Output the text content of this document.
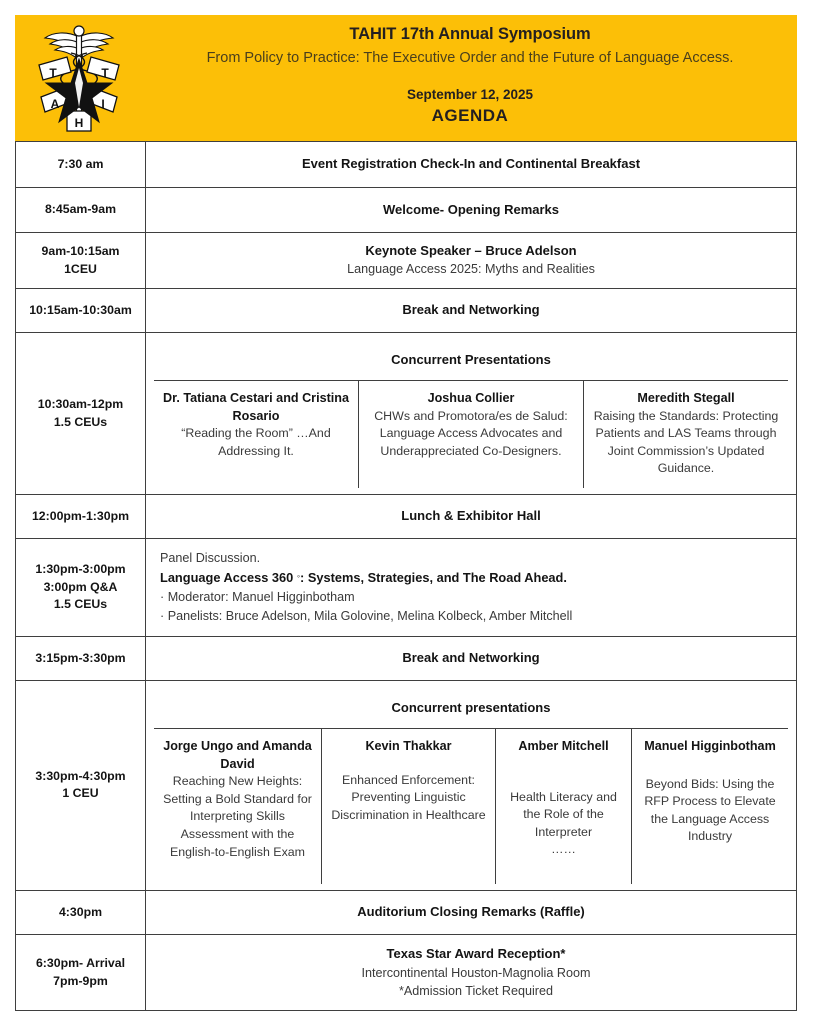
T	T
A	I
H
TAHIT 17th Annual Symposium
From Policy to Practice: The Executive Order and the Future of Language Access.
September 12, 2025
AGENDA
7:30 am	Event Registration Check-In and Continental Breakfast
8:45am-9am	Welcome- Opening Remarks

9am-10:15am
1CEU

Keynote Speaker – Bruce Adelson
Language Access 2025: Myths and Realities

10:15am-10:30am	Break and Networking

10:30am-12pm
1.5 CEUs

Concurrent Presentations
Dr. Tatiana Cestari and Cristina Rosario
“Reading the Room” …And Addressing It.
Joshua Collier
CHWs and Promotora/es de Salud: Language Access Advocates and Underappreciated Co-Designers.
Meredith Stegall
Raising the Standards: Protecting Patients and LAS Teams through Joint Commission’s Updated Guidance.

12:00pm-1:30pm	Lunch & Exhibitor Hall

1:30pm-3:00pm
3:00pm Q&A
1.5 CEUs

Panel Discussion.
Language Access 360 ◦: Systems, Strategies, and The Road Ahead.
· Moderator: Manuel Higginbotham
· Panelists: Bruce Adelson, Mila Golovine, Melina Kolbeck, Amber Mitchell

3:15pm-3:30pm	Break and Networking

3:30pm-4:30pm
1 CEU

Concurrent presentations
Jorge Ungo and Amanda David
Reaching New Heights: Setting a Bold Standard for Interpreting Skills Assessment with the English-to-English Exam
Kevin Thakkar
Enhanced Enforcement: Preventing Linguistic Discrimination in Healthcare
Amber Mitchell
Health Literacy and the Role of the Interpreter
……
Manuel Higginbotham
Beyond Bids: Using the RFP Process to Elevate the Language Access Industry

4:30pm	Auditorium Closing Remarks (Raffle)

6:30pm- Arrival
7pm-9pm

Texas Star Award Reception*
Intercontinental Houston-Magnolia Room
*Admission Ticket Required
